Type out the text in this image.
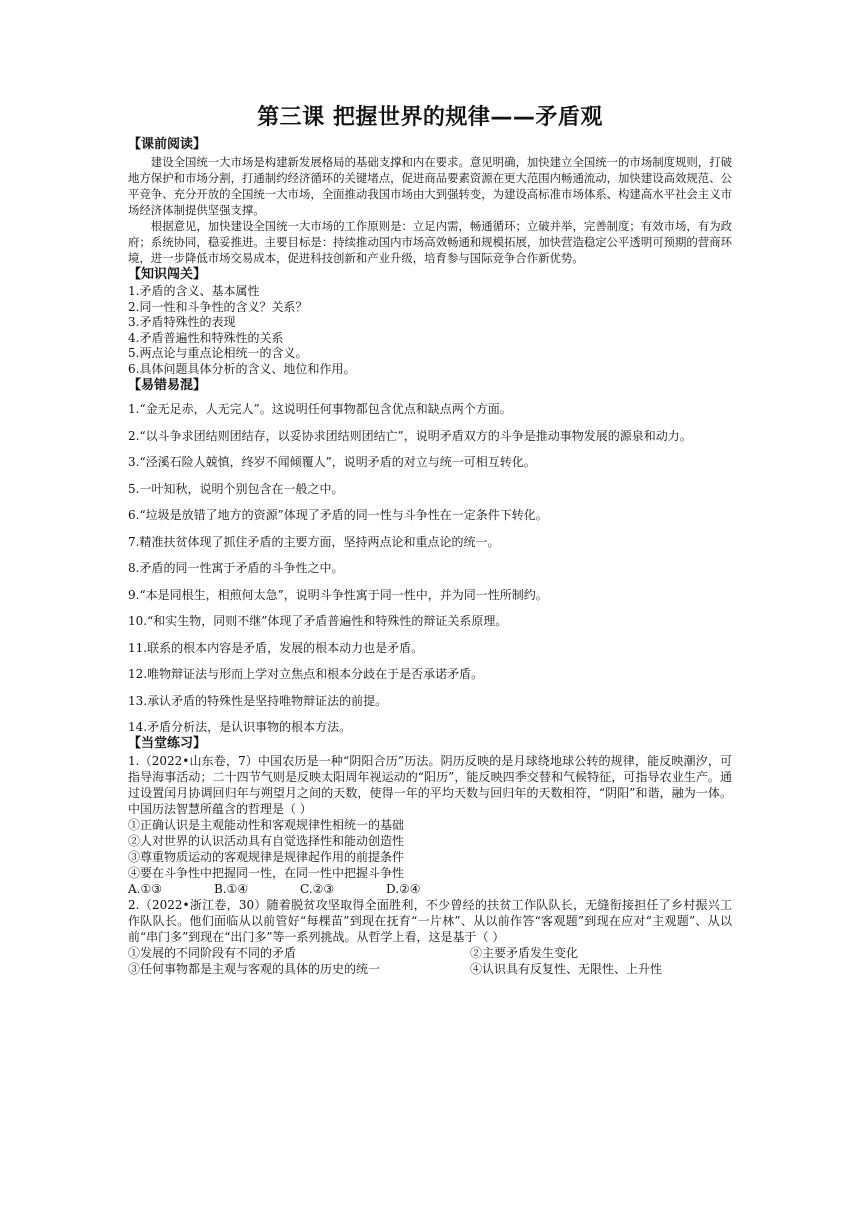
第三课 把握世界的规律——矛盾观
【课前阅读】

建设全国统一大市场是构建新发展格局的基础支撑和内在要求。意见明确，加快建立全国统一的市场制度规则，打破地方保护和市场分割，打通制约经济循环的关键堵点，促进商品要素资源在更大范围内畅通流动，加快建设高效规范、公平竞争、充分开放的全国统一大市场，全面推动我国市场由大到强转变，为建设高标准市场体系、构建高水平社会主义市场经济体制提供坚强支撑。

根据意见，加快建设全国统一大市场的工作原则是：立足内需，畅通循环；立破并举，完善制度；有效市场，有为政府；系统协同，稳妥推进。主要目标是：持续推动国内市场高效畅通和规模拓展，加快营造稳定公平透明可预期的营商环境，进一步降低市场交易成本，促进科技创新和产业升级，培育参与国际竞争合作新优势。

【知识闯关】

1.矛盾的含义、基本属性

2.同一性和斗争性的含义？关系？

3.矛盾特殊性的表现

4.矛盾普遍性和特殊性的关系

5.两点论与重点论相统一的含义。

6.具体问题具体分析的含义、地位和作用。

【易错易混】

1.“金无足赤，人无完人”。这说明任何事物都包含优点和缺点两个方面。

2.“以斗争求团结则团结存，以妥协求团结则团结亡”，说明矛盾双方的斗争是推动事物发展的源泉和动力。

3.“泾溪石险人兢慎，终岁不闻倾覆人”，说明矛盾的对立与统一可相互转化。

5.一叶知秋，说明个别包含在一般之中。

6.“垃圾是放错了地方的资源”体现了矛盾的同一性与斗争性在一定条件下转化。

7.精准扶贫体现了抓住矛盾的主要方面，坚持两点论和重点论的统一。

8.矛盾的同一性寓于矛盾的斗争性之中。

9.“本是同根生，相煎何太急”，说明斗争性寓于同一性中，并为同一性所制约。

10.“和实生物，同则不继”体现了矛盾普遍性和特殊性的辩证关系原理。

11.联系的根本内容是矛盾，发展的根本动力也是矛盾。

12.唯物辩证法与形而上学对立焦点和根本分歧在于是否承诺矛盾。

13.承认矛盾的特殊性是坚持唯物辩证法的前提。

14.矛盾分析法，是认识事物的根本方法。

【当堂练习】

1.（2022•山东卷，7）中国农历是一种“阴阳合历”历法。阴历反映的是月球绕地球公转的规律，能反映潮汐，可指导海事活动；二十四节气则是反映太阳周年视运动的“阳历”，能反映四季交替和气候特征，可指导农业生产。通过设置闰月协调回归年与朔望月之间的天数，使得一年的平均天数与回归年的天数相符，“阴阳”和谐，融为一体。中国历法智慧所蕴含的哲理是（ ）

①正确认识是主观能动性和客观规律性相统一的基础

②人对世界的认识活动具有自觉选择性和能动创造性

③尊重物质运动的客观规律是规律起作用的前提条件

④要在斗争性中把握同一性，在同一性中把握斗争性

A.①③	B.①④	C.②③	D.②④

2.（2022•浙江卷，30）随着脱贫攻坚取得全面胜利，不少曾经的扶贫工作队队长，无缝衔接担任了乡村振兴工作队队长。他们面临从以前管好“每棵苗”到现在抚育“一片林”、从以前作答“客观题”到现在应对“主观题”、从以前“串门多”到现在“出门多”等一系列挑战。从哲学上看，这是基于（ ）

①发展的不同阶段有不同的矛盾	②主要矛盾发生变化
③任何事物都是主观与客观的具体的历史的统一	④认识具有反复性、无限性、上升性
